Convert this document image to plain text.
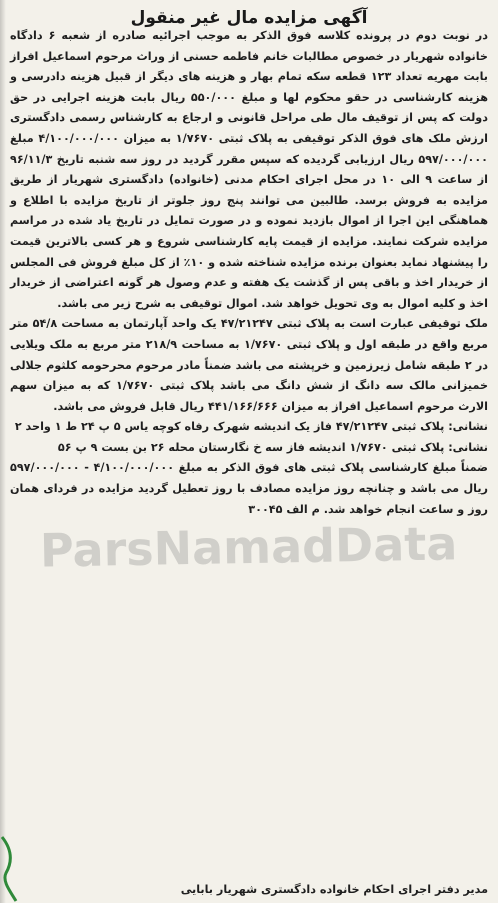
آگهی مزایده مال غیر منقول

در نوبت دوم در پرونده کلاسه فوق الذکر به موجب اجرائیه صادره از شعبه ۶ دادگاه خانواده شهریار در خصوص مطالبات خانم فاطمه حسنی از وراث مرحوم اسماعیل افراز بابت مهریه تعداد ۱۲۳ قطعه سکه تمام بهار و هزینه های دیگر از قبیل هزینه دادرسی و هزینه کارشناسی در حقو محکوم لها و مبلغ ۵۵۰/۰۰۰ ریال بابت هزینه اجرایی در حق دولت که پس از توقیف مال طی مراحل قانونی و ارجاع به کارشناس رسمی دادگستری ارزش ملک های فوق الذکر توقیفی به پلاک ثبتی ۱/۷۶۷۰ به میزان ۴/۱۰۰/۰۰۰/۰۰۰ مبلغ ۵۹۷/۰۰۰/۰۰۰ ریال ارزیابی گردیده که سپس مقرر گردید در روز سه شنبه تاریخ ۹۶/۱۱/۳ از ساعت ۹ الی ۱۰ در محل اجرای احکام مدنی (خانواده) دادگستری شهریار از طریق مزایده به فروش برسد. طالبین می توانند پنج روز جلوتر از تاریخ مزایده با اطلاع و هماهنگی این اجرا از اموال بازدید نموده و در صورت تمایل در تاریخ یاد شده در مراسم مزایده شرکت نمایند. مزایده از قیمت پایه کارشناسی شروع و هر کسی بالاترین قیمت را پیشنهاد نماید بعنوان برنده مزایده شناخته شده و ۱۰٪ از کل مبلغ فروش فی المجلس از خریدار اخذ و باقی پس از گذشت یک هفته و عدم وصول هر گونه اعتراضی از خریدار اخذ و کلیه اموال به وی تحویل خواهد شد. اموال توقیفی به شرح زیر می باشد.

ملک توقیفی عبارت است به پلاک ثبتی ۴۷/۲۱۲۴۷ یک واحد آپارتمان به مساحت ۵۴/۸ متر مربع واقع در طبقه اول و پلاک ثبتی ۱/۷۶۷۰ به مساحت ۲۱۸/۹ متر مربع به ملک ویلایی در ۲ طبقه شامل زیرزمین و خرپشته می باشد ضمناً مادر مرحوم محرحومه کلثوم جلالی خمیزانی مالک سه دانگ از شش دانگ می باشد پلاک ثبتی ۱/۷۶۷۰ که به میزان سهم الارث مرحوم اسماعیل افراز به میزان ۴۴۱/۱۶۶/۶۶۶ ریال قابل فروش می باشد.

نشانی: پلاک ثبتی ۴۷/۲۱۲۴۷ فاز یک اندیشه شهرک رفاه کوچه یاس ۵ پ ۲۴ ط ۱ واحد ۲

نشانی: پلاک ثبتی ۱/۷۶۷۰ اندیشه فاز سه خ نگارستان محله ۲۶ بن بست ۹ پ ۵۶

ضمناً مبلغ کارشناسی پلاک ثبتی های فوق الذکر به مبلغ ۴/۱۰۰/۰۰۰/۰۰۰ - ۵۹۷/۰۰۰/۰۰۰ ریال می باشد و چنانچه روز مزایده مصادف با روز تعطیل گردید مزایده در فردای همان روز و ساعت انجام خواهد شد. م الف ۳۰۰۴۵

مدیر دفتر اجرای احکام خانواده دادگستری شهریار بابایی
ParsNamadData
